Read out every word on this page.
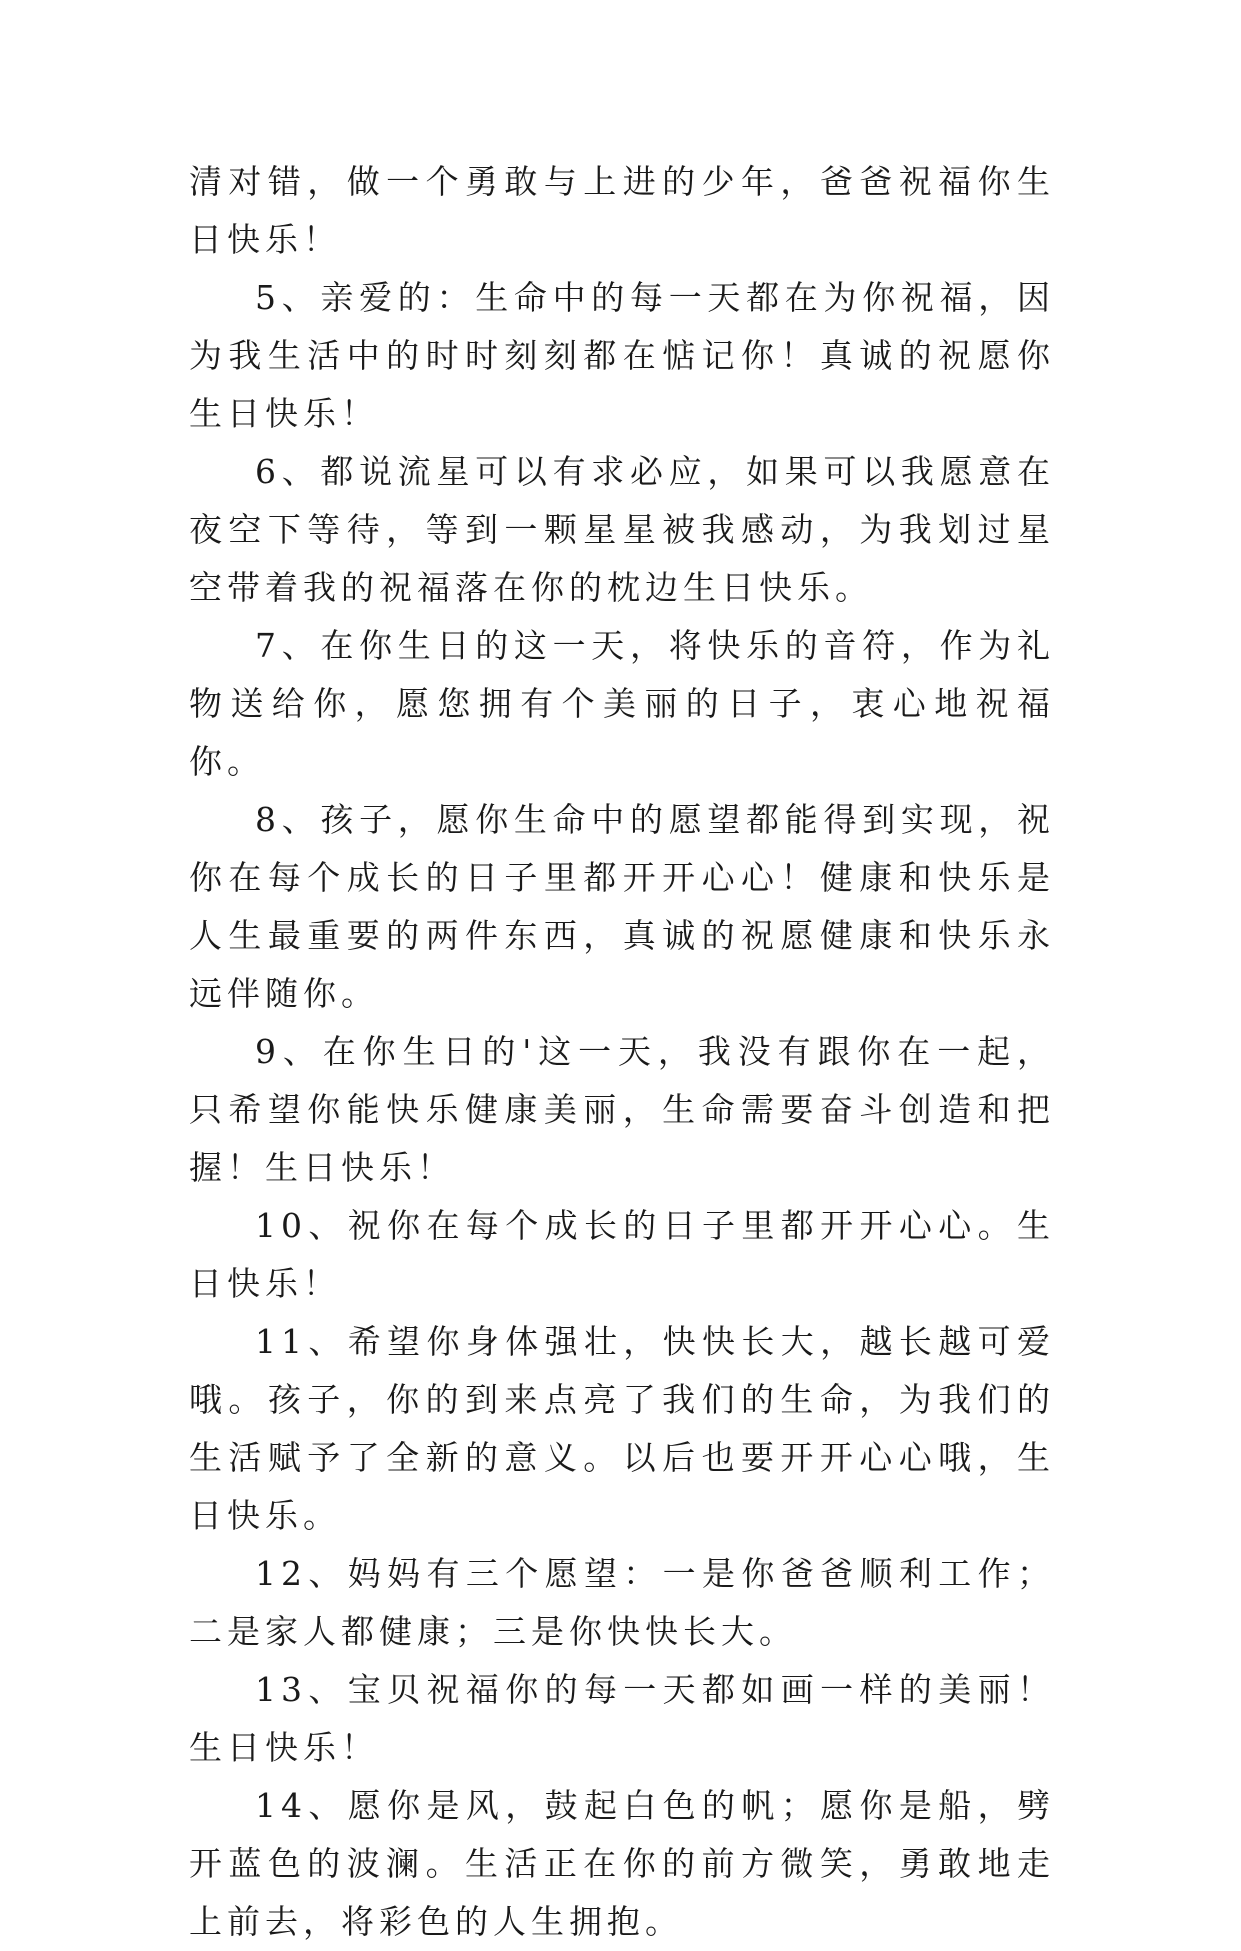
清对错，做一个勇敢与上进的少年，爸爸祝福你生日快乐！

5、亲爱的：生命中的每一天都在为你祝福，因为我生活中的时时刻刻都在惦记你！真诚的祝愿你生日快乐！

6、都说流星可以有求必应，如果可以我愿意在夜空下等待，等到一颗星星被我感动，为我划过星空带着我的祝福落在你的枕边生日快乐。

7、在你生日的这一天，将快乐的音符，作为礼物送给你，愿您拥有个美丽的日子，衷心地祝福你。

8、孩子，愿你生命中的愿望都能得到实现，祝你在每个成长的日子里都开开心心！健康和快乐是人生最重要的两件东西，真诚的祝愿健康和快乐永远伴随你。

9、在你生日的'这一天，我没有跟你在一起，只希望你能快乐健康美丽，生命需要奋斗创造和把握！生日快乐！

10、祝你在每个成长的日子里都开开心心。生日快乐！

11、希望你身体强壮，快快长大，越长越可爱哦。孩子，你的到来点亮了我们的生命，为我们的生活赋予了全新的意义。以后也要开开心心哦，生日快乐。

12、妈妈有三个愿望：一是你爸爸顺利工作；二是家人都健康；三是你快快长大。

13、宝贝祝福你的每一天都如画一样的美丽！生日快乐！

14、愿你是风，鼓起白色的帆；愿你是船，劈开蓝色的波澜。生活正在你的前方微笑，勇敢地走上前去，将彩色的人生拥抱。
